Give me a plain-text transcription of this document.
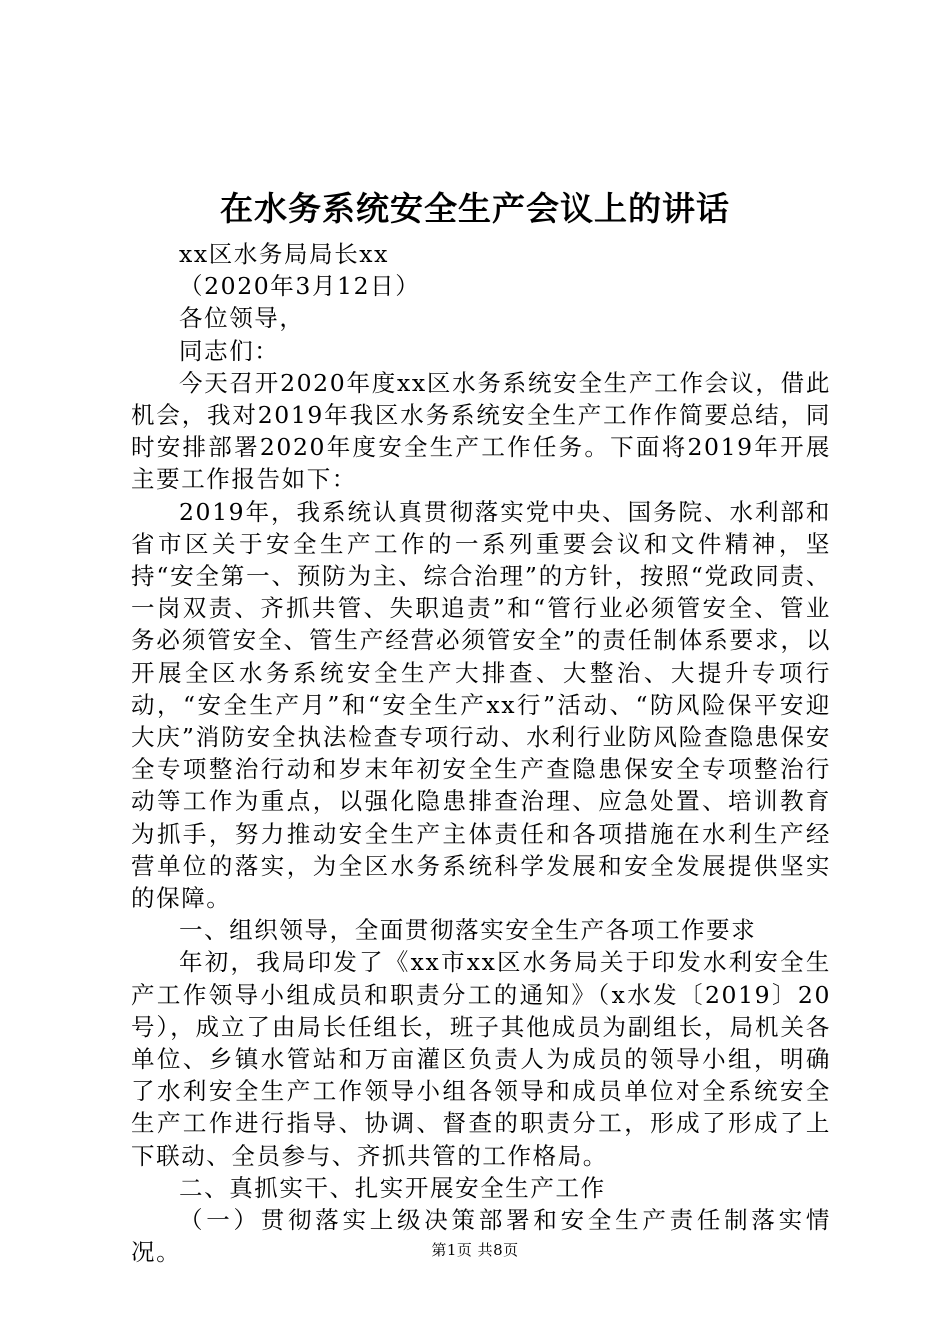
在水务系统安全生产会议上的讲话

xx区水务局局长xx

（2020年3月12日）

各位领导，

同志们：

今天召开2020年度xx区水务系统安全生产工作会议，借此机会，我对2019年我区水务系统安全生产工作作简要总结，同时安排部署2020年度安全生产工作任务。下面将2019年开展主要工作报告如下：

2019年，我系统认真贯彻落实党中央、国务院、水利部和省市区关于安全生产工作的一系列重要会议和文件精神，坚持“安全第一、预防为主、综合治理”的方针，按照“党政同责、一岗双责、齐抓共管、失职追责”和“管行业必须管安全、管业务必须管安全、管生产经营必须管安全”的责任制体系要求，以开展全区水务系统安全生产大排查、大整治、大提升专项行动，“安全生产月”和“安全生产xx行”活动、“防风险保平安迎大庆”消防安全执法检查专项行动、水利行业防风险查隐患保安全专项整治行动和岁末年初安全生产查隐患保安全专项整治行动等工作为重点，以强化隐患排查治理、应急处置、培训教育为抓手，努力推动安全生产主体责任和各项措施在水利生产经营单位的落实，为全区水务系统科学发展和安全发展提供坚实的保障。

一、组织领导，全面贯彻落实安全生产各项工作要求

年初，我局印发了《xx市xx区水务局关于印发水利安全生产工作领导小组成员和职责分工的通知》（x水发〔2019〕20号），成立了由局长任组长，班子其他成员为副组长，局机关各单位、乡镇水管站和万亩灌区负责人为成员的领导小组，明确了水利安全生产工作领导小组各领导和成员单位对全系统安全生产工作进行指导、协调、督查的职责分工，形成了形成了上下联动、全员参与、齐抓共管的工作格局。

二、真抓实干、扎实开展安全生产工作

（一）贯彻落实上级决策部署和安全生产责任制落实情况。	第1页 共8页
